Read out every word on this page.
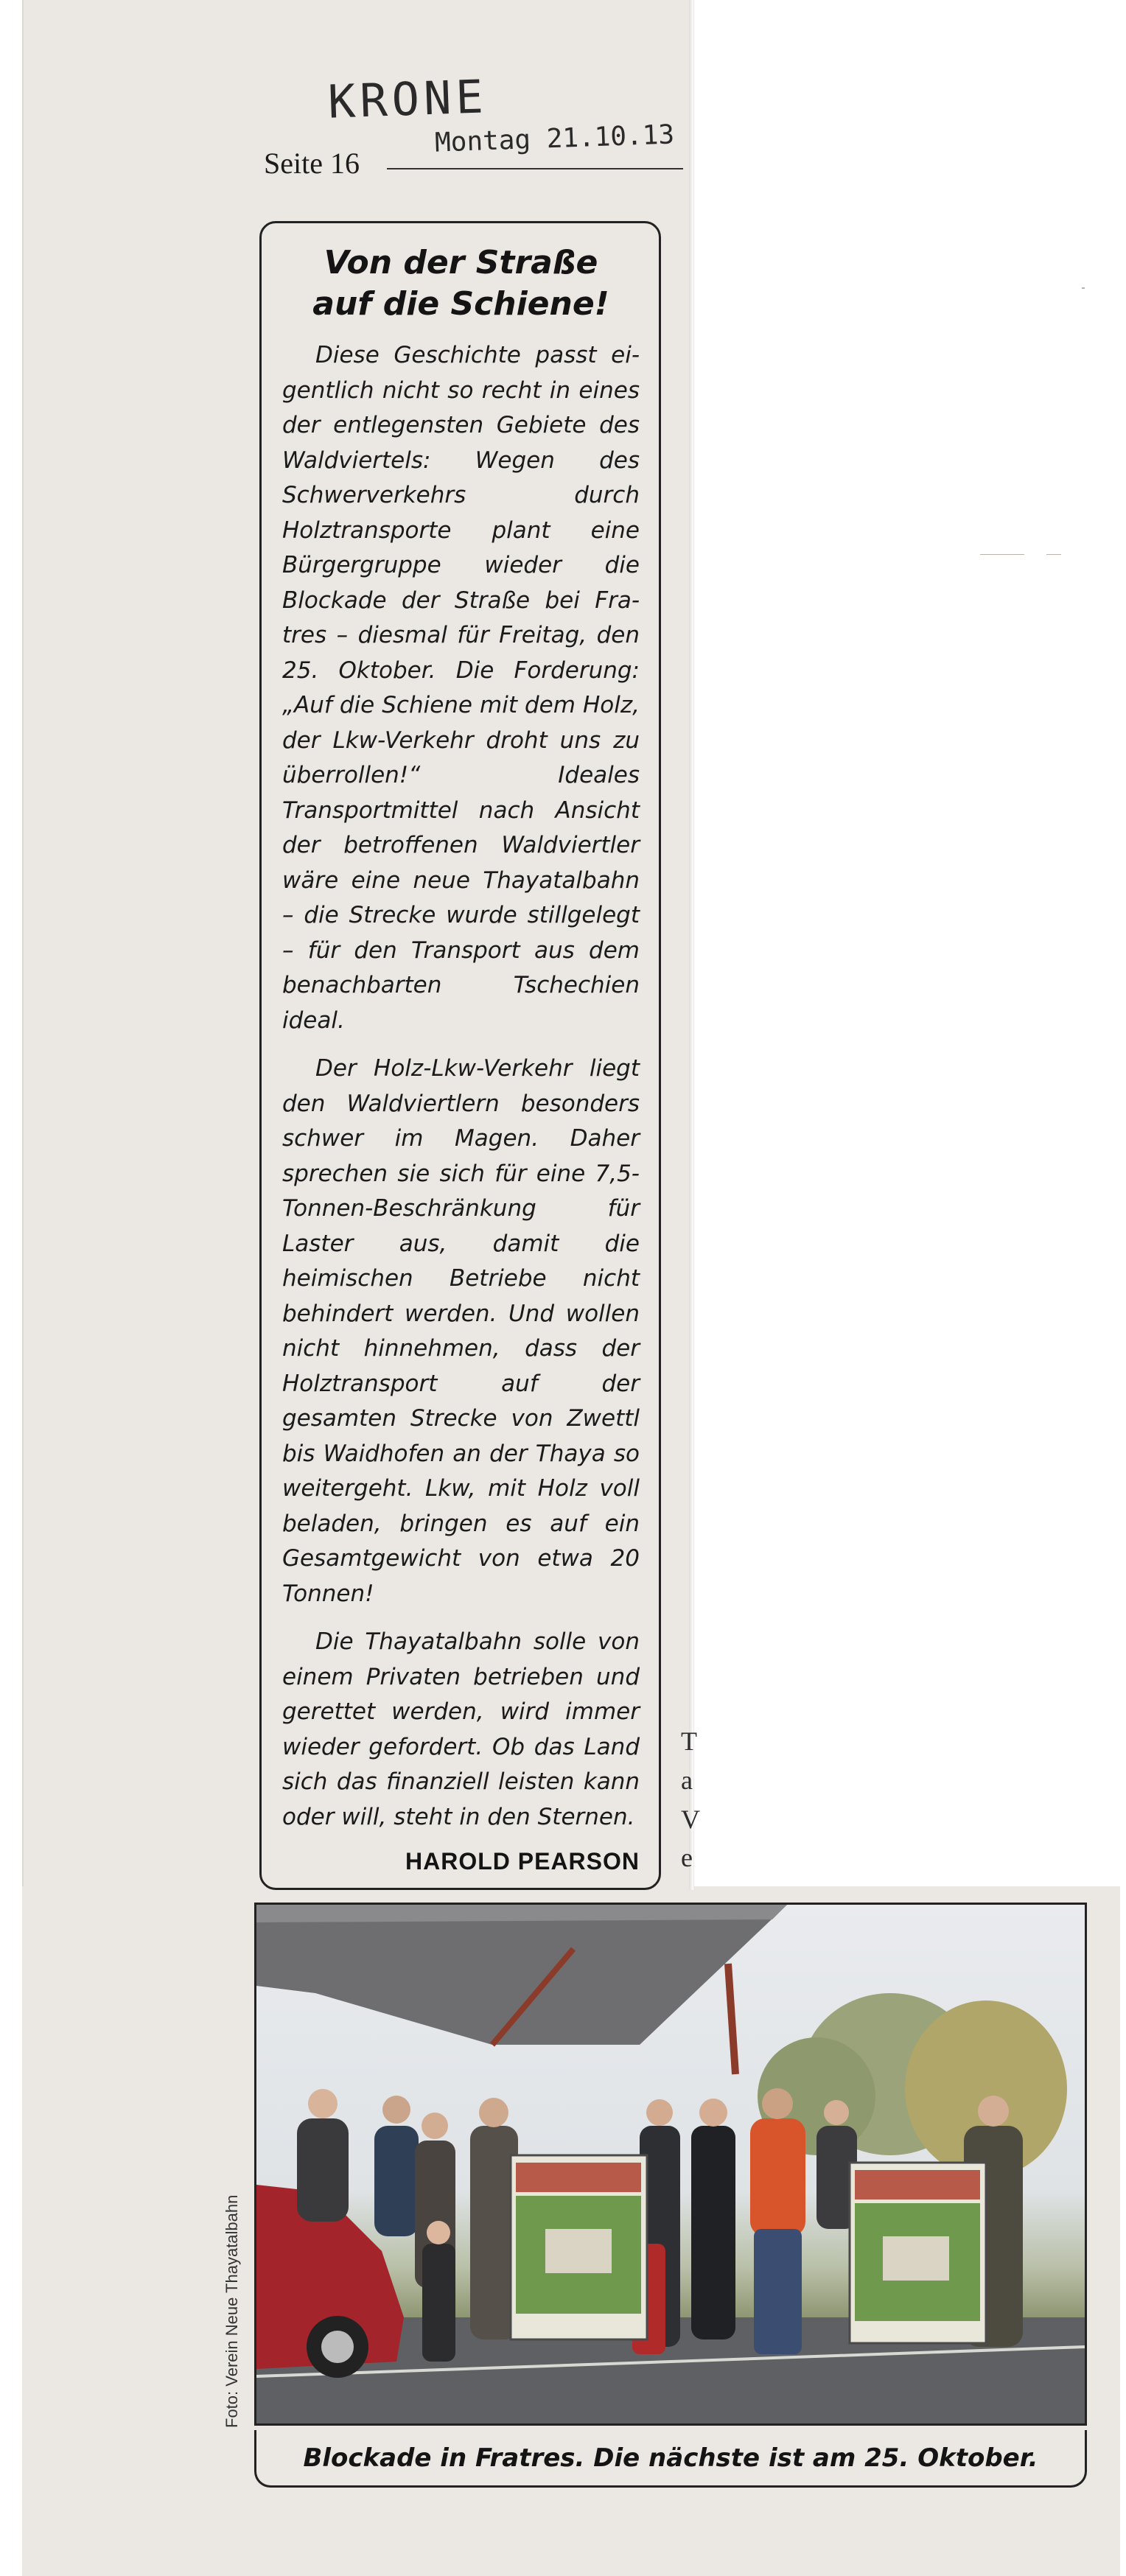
KRONE
Montag 21.10.13
Seite 16
Von der Straße
auf die Schiene!

Diese Geschichte passt eigentlich nicht so recht in eines der entlegensten Gebiete des Waldviertels: Wegen des Schwerverkehrs durch Holztransporte plant eine Bürgergruppe wieder die Blockade der Straße bei Fratres – diesmal für Freitag, den 25. Oktober. Die Forderung: „Auf die Schiene mit dem Holz, der Lkw-Verkehr droht uns zu überrollen!“ Ideales Transportmittel nach Ansicht der betroffenen Waldviertler wäre eine neue Thayatalbahn – die Strecke wurde stillgelegt – für den Transport aus dem benachbarten Tschechien ideal.

Der Holz-Lkw-Verkehr liegt den Waldviertlern besonders schwer im Magen. Daher sprechen sie sich für eine 7,5-Tonnen-Beschränkung für Laster aus, damit die heimischen Betriebe nicht behindert werden. Und wollen nicht hinnehmen, dass der Holztransport auf der gesamten Strecke von Zwettl bis Waidhofen an der Thaya so weitergeht. Lkw, mit Holz voll beladen, bringen es auf ein Gesamtgewicht von etwa 20 Tonnen!

Die Thayatalbahn solle von einem Privaten betrieben und gerettet werden, wird immer wieder gefordert. Ob das Land sich das finanziell leisten kann oder will, steht in den Sternen.

HAROLD PEARSON
T
a
V
e
Foto: Verein Neue Thayatalbahn
Blockade in Fratres. Die nächste ist am 25. Oktober.
